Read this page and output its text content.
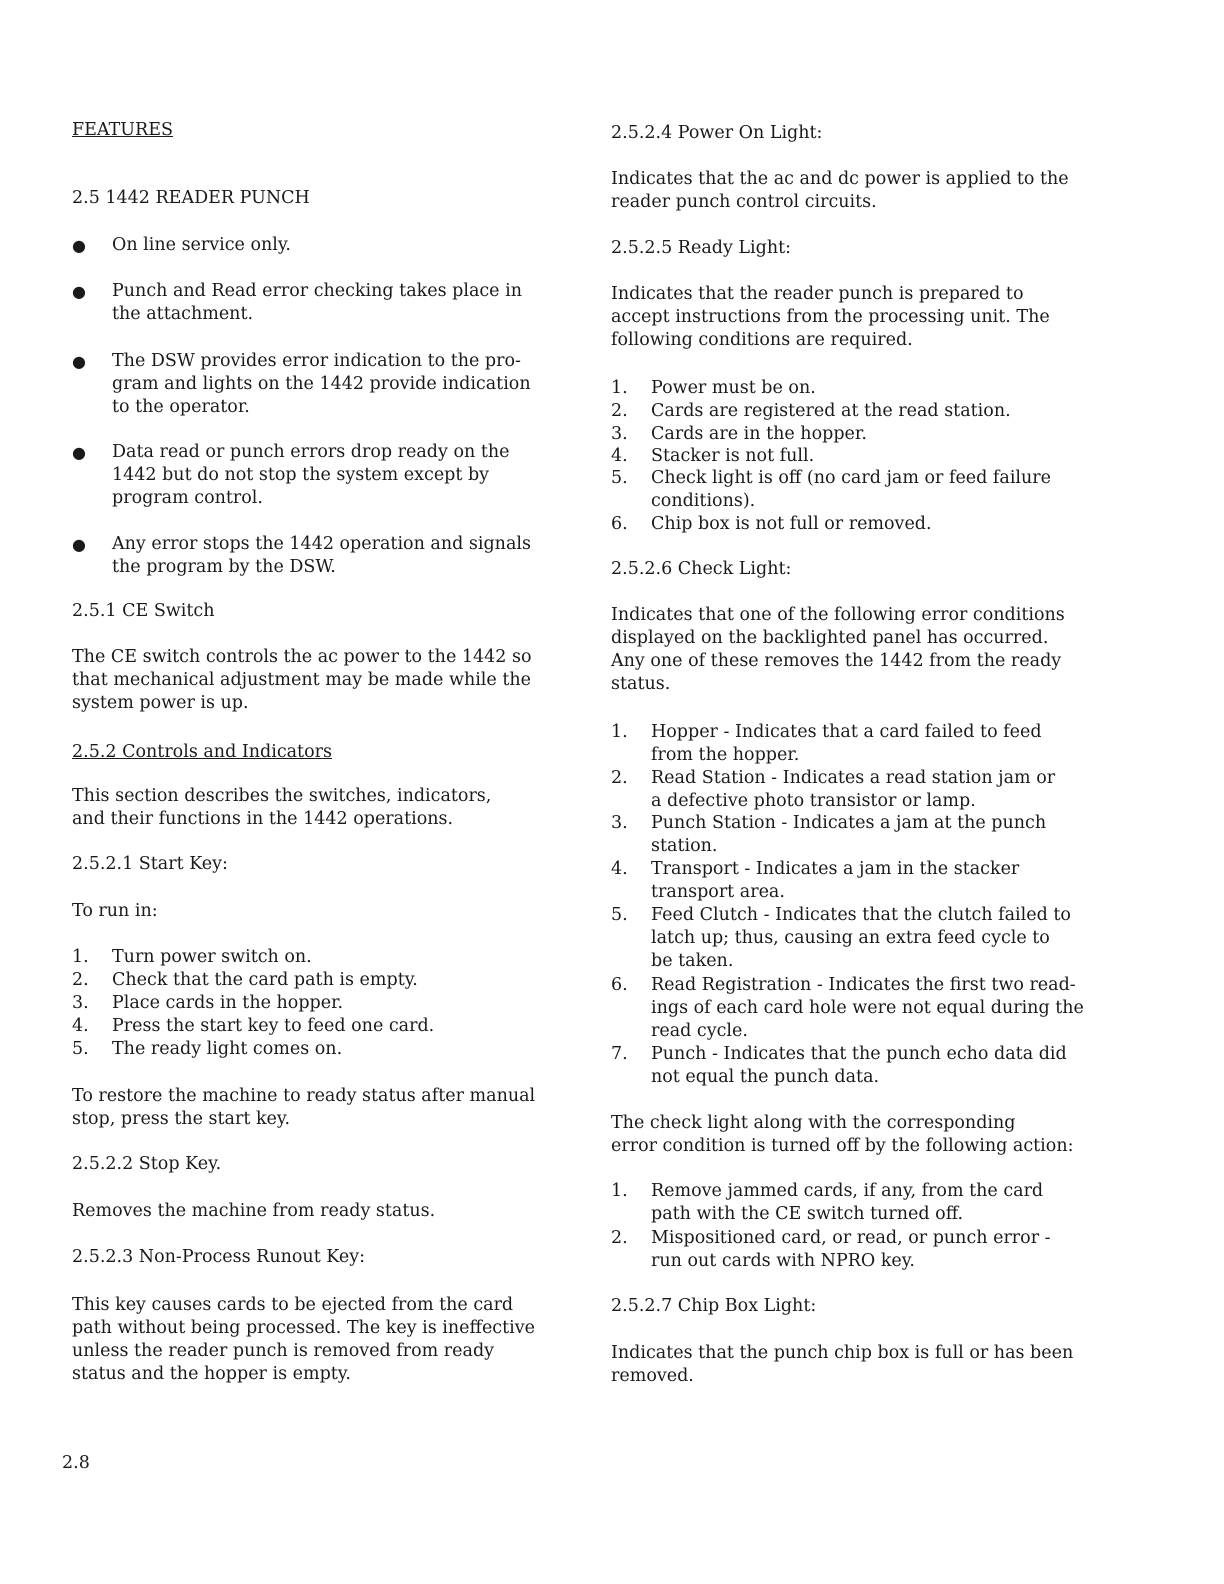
FEATURES
2.5 1442 READER PUNCH
● On line service only.
● Punch and Read error checking takes place in
the attachment.
● The DSW provides error indication to the pro-
gram and lights on the 1442 provide indication
to the operator.
● Data read or punch errors drop ready on the
1442 but do not stop the system except by
program control.
● Any error stops the 1442 operation and signals
the program by the DSW.
2.5.1 CE Switch
The CE switch controls the ac power to the 1442 so
that mechanical adjustment may be made while the
system power is up.
2.5.2 Controls and Indicators
This section describes the switches, indicators,
and their functions in the 1442 operations.
2.5.2.1 Start Key:
To run in:
1. Turn power switch on.
2. Check that the card path is empty.
3. Place cards in the hopper.
4. Press the start key to feed one card.
5. The ready light comes on.
To restore the machine to ready status after manual
stop, press the start key.
2.5.2.2 Stop Key.
Removes the machine from ready status.
2.5.2.3 Non-Process Runout Key:
This key causes cards to be ejected from the card
path without being processed. The key is ineffective
unless the reader punch is removed from ready
status and the hopper is empty.
2.5.2.4 Power On Light:
Indicates that the ac and dc power is applied to the
reader punch control circuits.
2.5.2.5 Ready Light:
Indicates that the reader punch is prepared to
accept instructions from the processing unit. The
following conditions are required.
1. Power must be on.
2. Cards are registered at the read station.
3. Cards are in the hopper.
4. Stacker is not full.
5. Check light is off (no card jam or feed failure
conditions).
6. Chip box is not full or removed.
2.5.2.6 Check Light:
Indicates that one of the following error conditions
displayed on the backlighted panel has occurred.
Any one of these removes the 1442 from the ready
status.
1. Hopper - Indicates that a card failed to feed
from the hopper.
2. Read Station - Indicates a read station jam or
a defective photo transistor or lamp.
3. Punch Station - Indicates a jam at the punch
station.
4. Transport - Indicates a jam in the stacker
transport area.
5. Feed Clutch - Indicates that the clutch failed to
latch up; thus, causing an extra feed cycle to
be taken.
6. Read Registration - Indicates the first two read-
ings of each card hole were not equal during the
read cycle.
7. Punch - Indicates that the punch echo data did
not equal the punch data.
The check light along with the corresponding
error condition is turned off by the following action:
1. Remove jammed cards, if any, from the card
path with the CE switch turned off.
2. Mispositioned card, or read, or punch error -
run out cards with NPRO key.
2.5.2.7 Chip Box Light:
Indicates that the punch chip box is full or has been
removed.
2.8
